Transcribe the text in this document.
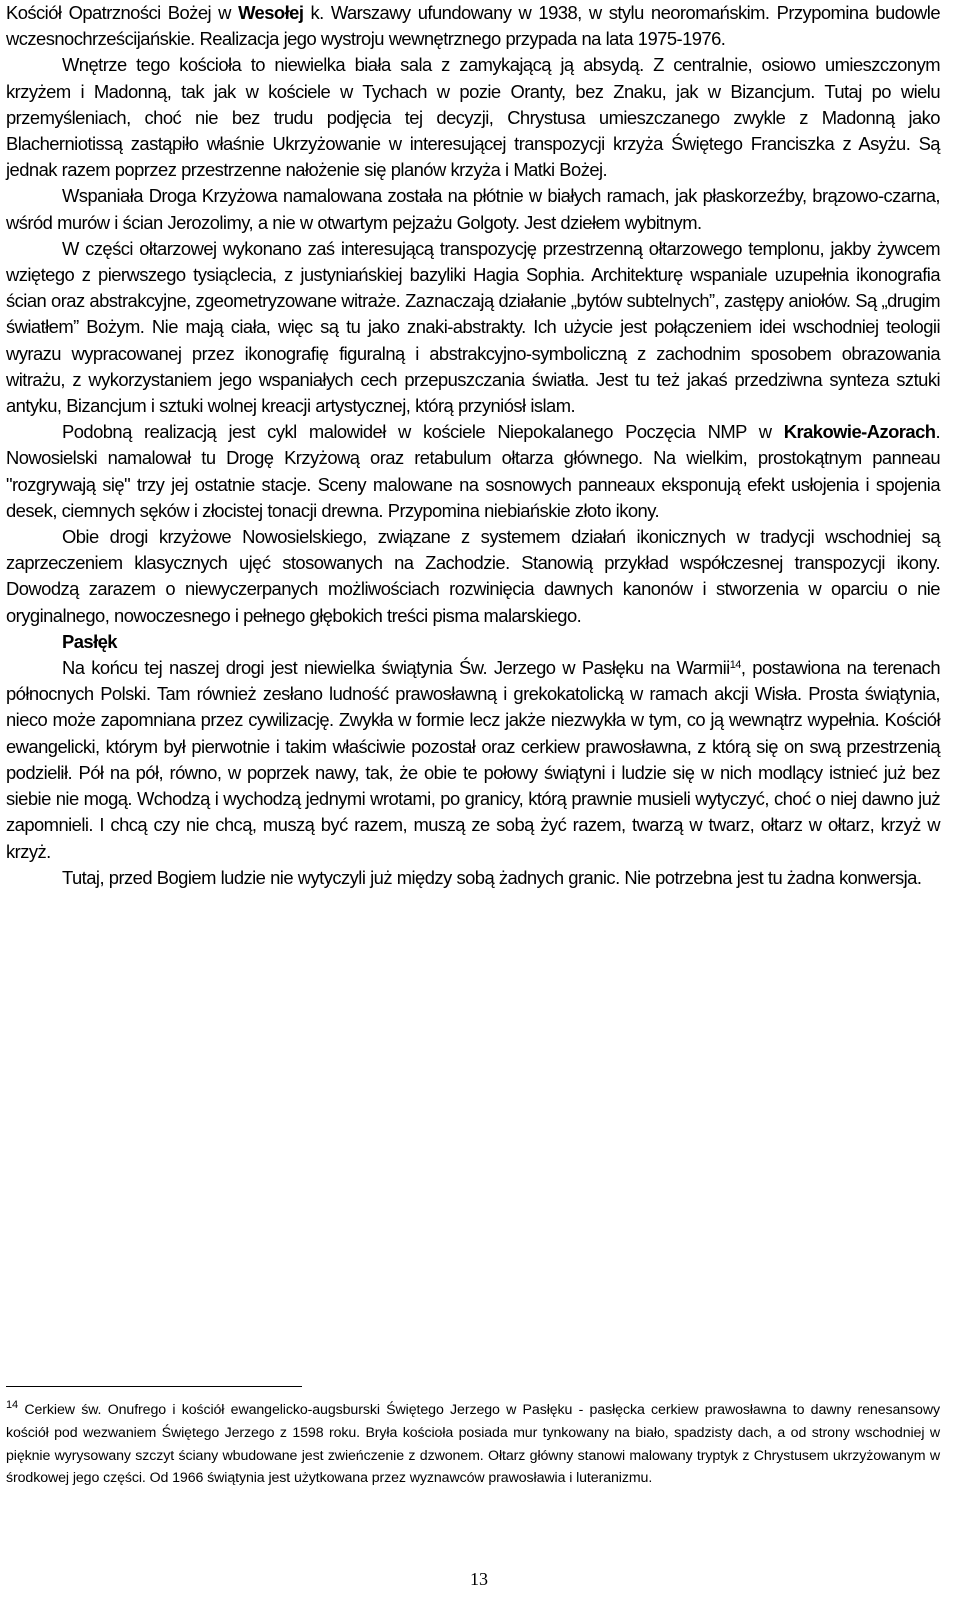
Kościół Opatrzności Bożej w Wesołej k. Warszawy ufundowany w 1938, w stylu neoromańskim. Przypomina budowle wczesnochrześcijańskie. Realizacja jego wystroju wewnętrznego przypada na lata 1975-1976.

Wnętrze tego kościoła to niewielka biała sala z zamykającą ją absydą. Z centralnie, osiowo umieszczonym krzyżem i Madonną, tak jak w kościele w Tychach w pozie Oranty, bez Znaku, jak w Bizancjum. Tutaj po wielu przemyśleniach, choć nie bez trudu podjęcia tej decyzji, Chrystusa umieszczanego zwykle z Madonną jako Blacherniotissą zastąpiło właśnie Ukrzyżowanie w interesującej transpozycji krzyża Świętego Franciszka z Asyżu. Są jednak razem poprzez przestrzenne nałożenie się planów krzyża i Matki Bożej.

Wspaniała Droga Krzyżowa namalowana została na płótnie w białych ramach, jak płaskorzeźby, brązowo-czarna, wśród murów i ścian Jerozolimy, a nie w otwartym pejzażu Golgoty. Jest dziełem wybitnym.

W części ołtarzowej wykonano zaś interesującą transpozycję przestrzenną ołtarzowego templonu, jakby żywcem wziętego z pierwszego tysiąclecia, z justyniańskiej bazyliki Hagia Sophia. Architekturę wspaniale uzupełnia ikonografia ścian oraz abstrakcyjne, zgeometryzowane witraże. Zaznaczają działanie „bytów subtelnych”, zastępy aniołów. Są „drugim światłem” Bożym. Nie mają ciała, więc są tu jako znaki-abstrakty. Ich użycie jest połączeniem idei wschodniej teologii wyrazu wypracowanej przez ikonografię figuralną i abstrakcyjno-symboliczną z zachodnim sposobem obrazowania witrażu, z wykorzystaniem jego wspaniałych cech przepuszczania światła. Jest tu też jakaś przedziwna synteza sztuki antyku, Bizancjum i sztuki wolnej kreacji artystycznej, którą przyniósł islam.

Podobną realizacją jest cykl malowideł w kościele Niepokalanego Poczęcia NMP w Krakowie-Azorach. Nowosielski namalował tu Drogę Krzyżową oraz retabulum ołtarza głównego. Na wielkim, prostokątnym panneau "rozgrywają się" trzy jej ostatnie stacje. Sceny malowane na sosnowych panneaux eksponują efekt usłojenia i spojenia desek, ciemnych sęków i złocistej tonacji drewna. Przypomina niebiańskie złoto ikony.

Obie drogi krzyżowe Nowosielskiego, związane z systemem działań ikonicznych w tradycji wschodniej są zaprzeczeniem klasycznych ujęć stosowanych na Zachodzie. Stanowią przykład współczesnej transpozycji ikony. Dowodzą zarazem o niewyczerpanych możliwościach rozwinięcia dawnych kanonów i stworzenia w oparciu o nie oryginalnego, nowoczesnego i pełnego głębokich treści pisma malarskiego.

Pasłęk

Na końcu tej naszej drogi jest niewielka świątynia Św. Jerzego w Pasłęku na Warmii$^{14}$, postawiona na terenach północnych Polski. Tam również zesłano ludność prawosławną i grekokatolicką w ramach akcji Wisła. Prosta świątynia, nieco może zapomniana przez cywilizację. Zwykła w formie lecz jakże niezwykła w tym, co ją wewnątrz wypełnia. Kościół ewangelicki, którym był pierwotnie i takim właściwie pozostał oraz cerkiew prawosławna, z którą się on swą przestrzenią podzielił. Pół na pół, równo, w poprzek nawy, tak, że obie te połowy świątyni i ludzie się w nich modlący istnieć już bez siebie nie mogą. Wchodzą i wychodzą jednymi wrotami, po granicy, którą prawnie musieli wytyczyć, choć o niej dawno już zapomnieli. I chcą czy nie chcą, muszą być razem, muszą ze sobą żyć razem, twarzą w twarz, ołtarz w ołtarz, krzyż w krzyż.

Tutaj, przed Bogiem ludzie nie wytyczyli już między sobą żadnych granic. Nie potrzebna jest tu żadna konwersja.

$^{14}$ Cerkiew św. Onufrego i kościół ewangelicko-augsburski Świętego Jerzego w Pasłęku - pasłęcka cerkiew prawosławna to dawny renesansowy kościół pod wezwaniem Świętego Jerzego z 1598 roku. Bryła kościoła posiada mur tynkowany na biało, spadzisty dach, a od strony wschodniej w pięknie wyrysowany szczyt ściany wbudowane jest zwieńczenie z dzwonem. Ołtarz główny stanowi malowany tryptyk z Chrystusem ukrzyżowanym w środkowej jego części. Od 1966 świątynia jest użytkowana przez wyznawców prawosławia i luteranizmu.

13
